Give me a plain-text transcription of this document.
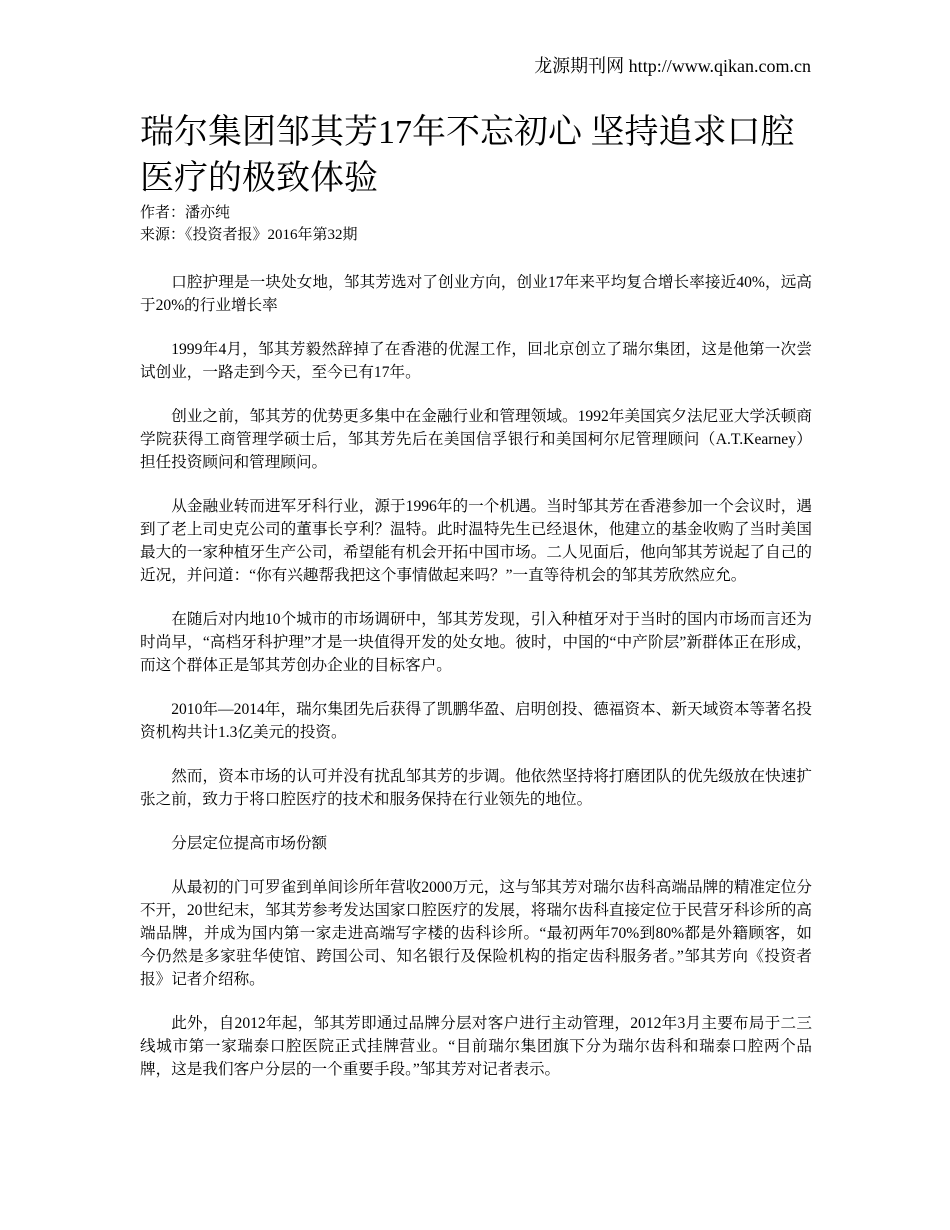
龙源期刊网 http://www.qikan.com.cn
瑞尔集团邹其芳17年不忘初心 坚持追求口腔医疗的极致体验

作者：潘亦纯

来源：《投资者报》2016年第32期

口腔护理是一块处女地，邹其芳选对了创业方向，创业17年来平均复合增长率接近40%，远高于20%的行业增长率

1999年4月，邹其芳毅然辞掉了在香港的优渥工作，回北京创立了瑞尔集团，这是他第一次尝试创业，一路走到今天，至今已有17年。

创业之前，邹其芳的优势更多集中在金融行业和管理领域。1992年美国宾夕法尼亚大学沃顿商学院获得工商管理学硕士后，邹其芳先后在美国信孚银行和美国柯尔尼管理顾问（A.T.Kearney）担任投资顾问和管理顾问。

从金融业转而进军牙科行业，源于1996年的一个机遇。当时邹其芳在香港参加一个会议时，遇到了老上司史克公司的董事长亨利？温特。此时温特先生已经退休，他建立的基金收购了当时美国最大的一家种植牙生产公司，希望能有机会开拓中国市场。二人见面后，他向邹其芳说起了自己的近况，并问道：“你有兴趣帮我把这个事情做起来吗？”一直等待机会的邹其芳欣然应允。

在随后对内地10个城市的市场调研中，邹其芳发现，引入种植牙对于当时的国内市场而言还为时尚早，“高档牙科护理”才是一块值得开发的处女地。彼时，中国的“中产阶层”新群体正在形成，而这个群体正是邹其芳创办企业的目标客户。

2010年—2014年，瑞尔集团先后获得了凯鹏华盈、启明创投、德福资本、新天域资本等著名投资机构共计1.3亿美元的投资。

然而，资本市场的认可并没有扰乱邹其芳的步调。他依然坚持将打磨团队的优先级放在快速扩张之前，致力于将口腔医疗的技术和服务保持在行业领先的地位。

分层定位提高市场份额

从最初的门可罗雀到单间诊所年营收2000万元，这与邹其芳对瑞尔齿科高端品牌的精准定位分不开，20世纪末，邹其芳参考发达国家口腔医疗的发展，将瑞尔齿科直接定位于民营牙科诊所的高端品牌，并成为国内第一家走进高端写字楼的齿科诊所。“最初两年70%到80%都是外籍顾客，如今仍然是多家驻华使馆、跨国公司、知名银行及保险机构的指定齿科服务者。”邹其芳向《投资者报》记者介绍称。

此外，自2012年起，邹其芳即通过品牌分层对客户进行主动管理，2012年3月主要布局于二三线城市第一家瑞泰口腔医院正式挂牌营业。“目前瑞尔集团旗下分为瑞尔齿科和瑞泰口腔两个品牌，这是我们客户分层的一个重要手段。”邹其芳对记者表示。
